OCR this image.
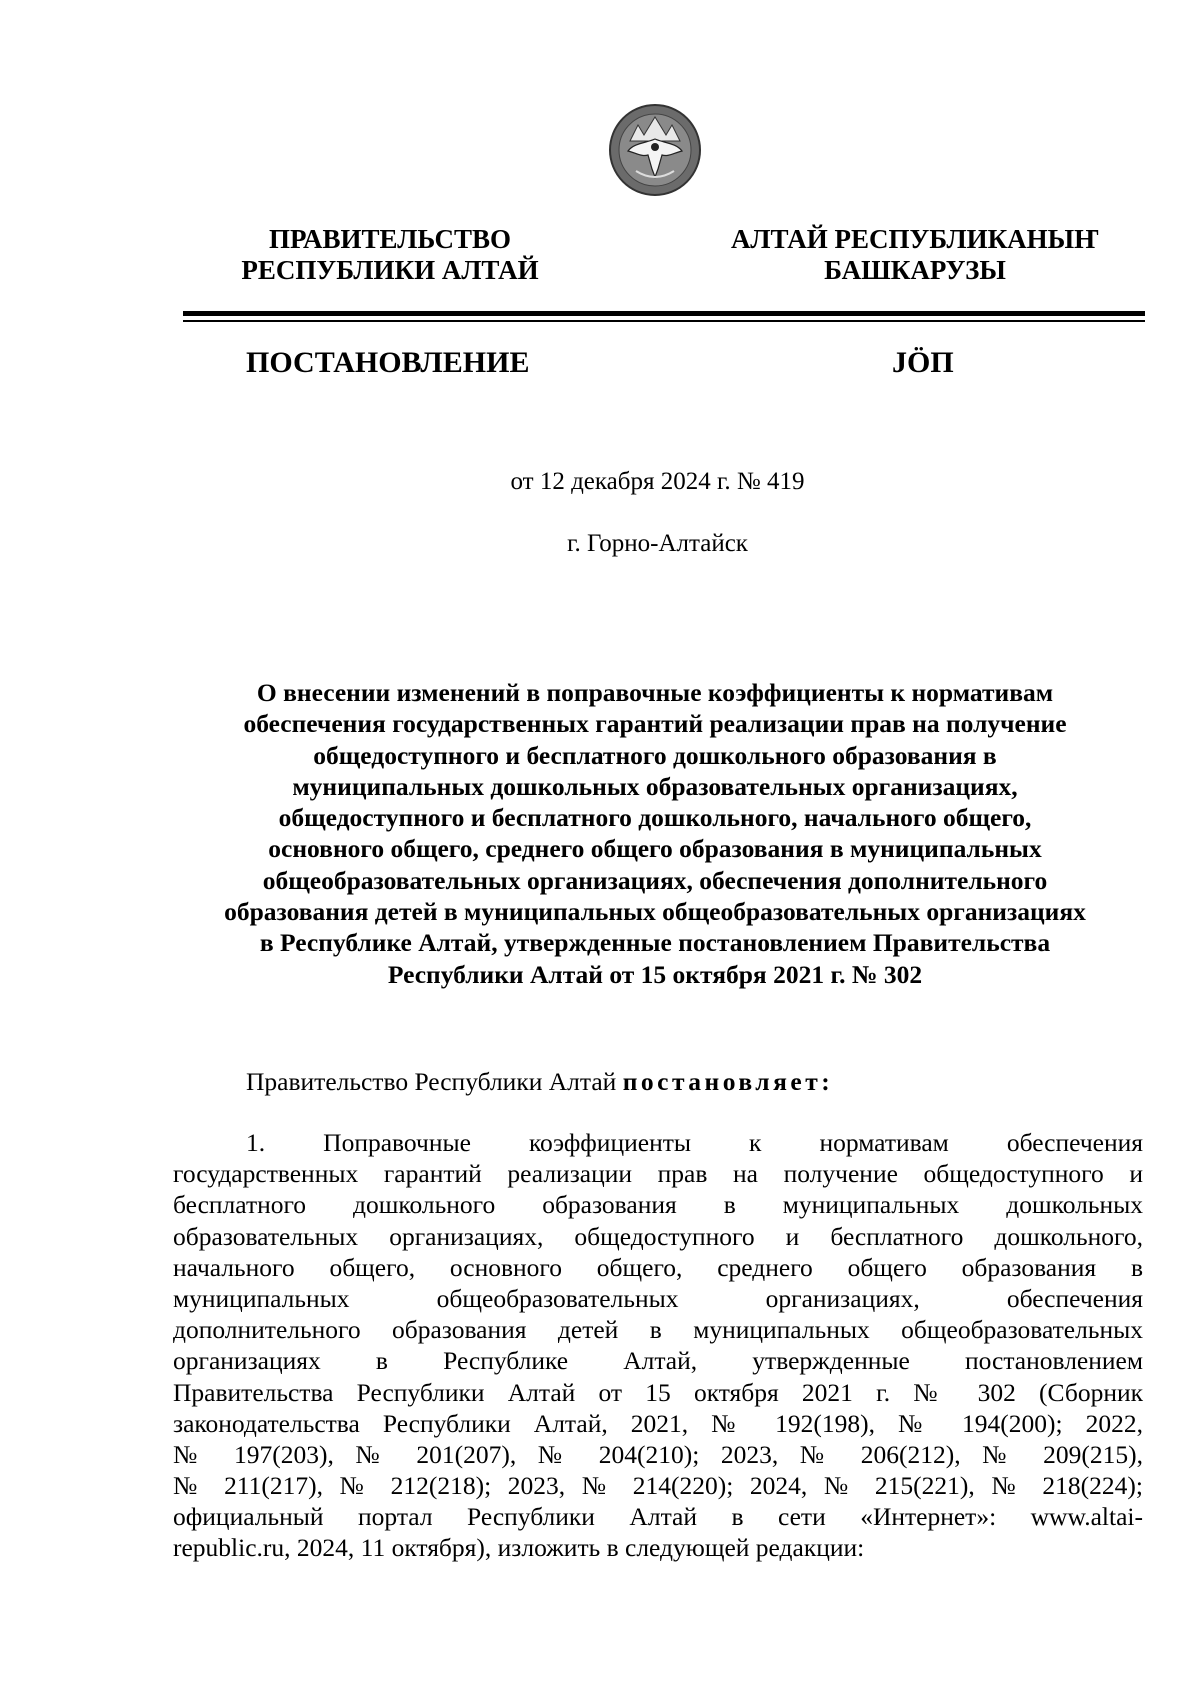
ПРАВИТЕЛЬСТВО
РЕСПУБЛИКИ АЛТАЙ
АЛТАЙ РЕСПУБЛИКАНЫҤ
БАШКАРУЗЫ
ПОСТАНОВЛЕНИЕ	JÖП
от 12 декабря 2024 г. № 419
г. Горно-Алтайск
О внесении изменений в поправочные коэффициенты к нормативам
обеспечения государственных гарантий реализации прав на получение
общедоступного и бесплатного дошкольного образования в
муниципальных дошкольных образовательных организациях,
общедоступного и бесплатного дошкольного, начального общего,
основного общего, среднего общего образования в муниципальных
общеобразовательных организациях, обеспечения дополнительного
образования детей в муниципальных общеобразовательных организациях
в Республике Алтай, утвержденные постановлением Правительства
Республики Алтай от 15 октября 2021 г. № 302
Правительство Республики Алтай постановляет:
1. Поправочные коэффициенты к нормативам обеспечения
государственных гарантий реализации прав на получение общедоступного и
бесплатного дошкольного образования в муниципальных дошкольных
образовательных организациях, общедоступного и бесплатного дошкольного,
начального общего, основного общего, среднего общего образования в
муниципальных общеобразовательных организациях, обеспечения
дополнительного образования детей в муниципальных общеобразовательных
организациях в Республике Алтай, утвержденные постановлением
Правительства Республики Алтай от 15 октября 2021 г. № 302 (Сборник
законодательства Республики Алтай, 2021, № 192(198), № 194(200); 2022,
№ 197(203), № 201(207), № 204(210); 2023, № 206(212), № 209(215),
№ 211(217), № 212(218); 2023, № 214(220); 2024, № 215(221), № 218(224);
официальный портал Республики Алтай в сети «Интернет»: www.altai-
republic.ru, 2024, 11 октября), изложить в следующей редакции:
